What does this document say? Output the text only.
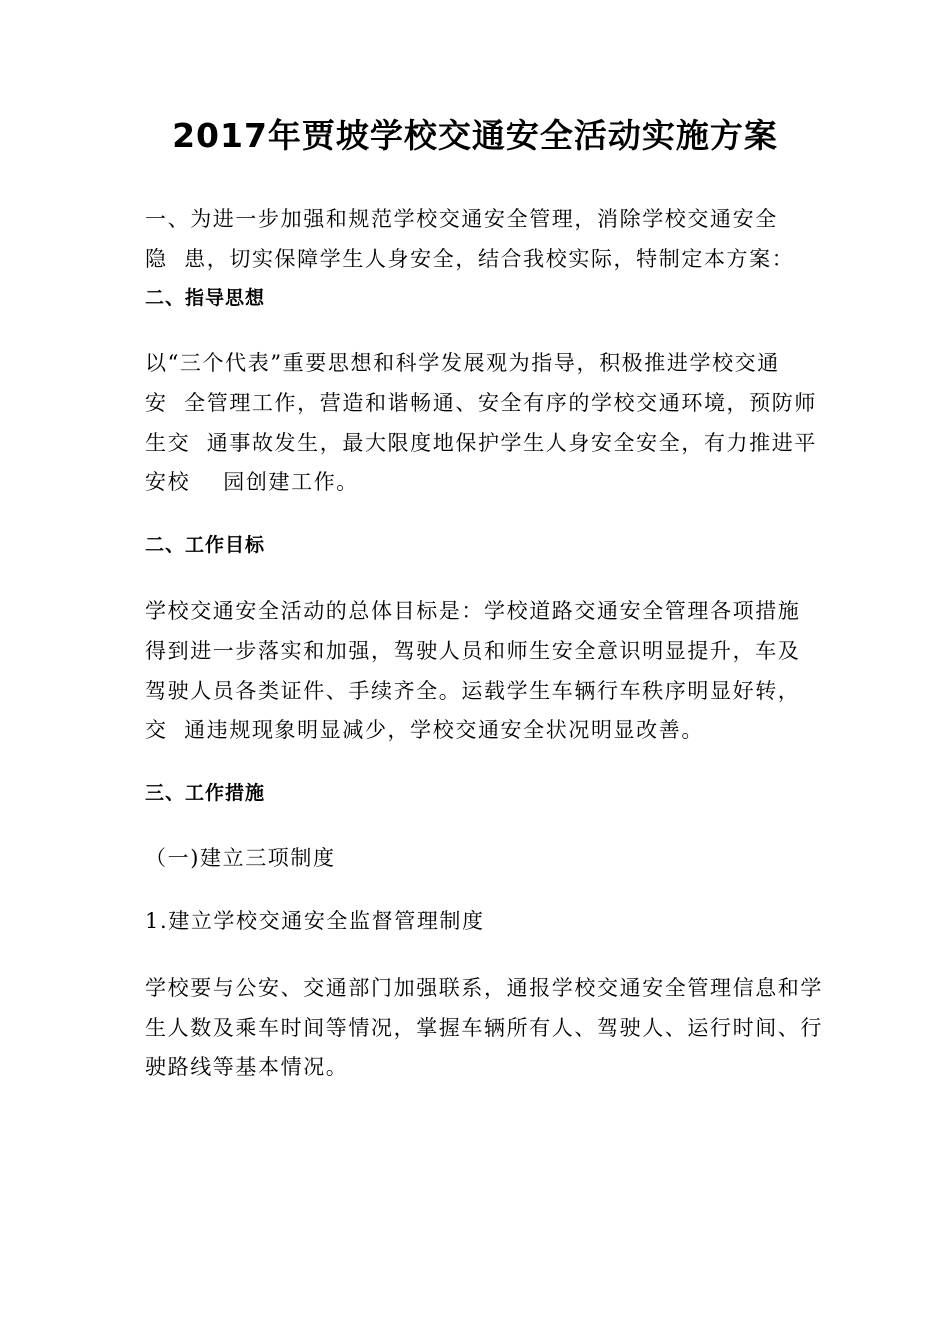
2017年贾坡学校交通安全活动实施方案
一、为进一步加强和规范学校交通安全管理，消除学校交通安全
隐  患，切实保障学生人身安全，结合我校实际，特制定本方案：
二、指导思想
以“三个代表”重要思想和科学发展观为指导，积极推进学校交通
安  全管理工作，营造和谐畅通、安全有序的学校交通环境，预防师
生交  通事故发生，最大限度地保护学生人身安全安全，有力推进平
安校    园创建工作。
二、工作目标
学校交通安全活动的总体目标是：学校道路交通安全管理各项措施
得到进一步落实和加强，驾驶人员和师生安全意识明显提升，车及
驾驶人员各类证件、手续齐全。运载学生车辆行车秩序明显好转，
交  通违规现象明显减少，学校交通安全状况明显改善。
三、工作措施
（一)建立三项制度
1.建立学校交通安全监督管理制度
学校要与公安、交通部门加强联系，通报学校交通安全管理信息和学
生人数及乘车时间等情况，掌握车辆所有人、驾驶人、运行时间、行
驶路线等基本情况。
